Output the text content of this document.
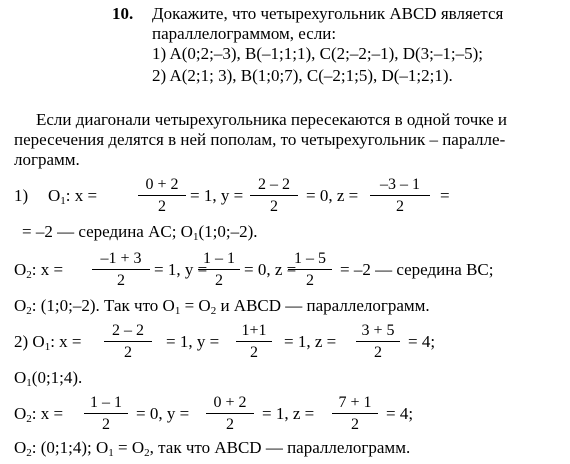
10. Докажите, что четырехугольник ABCD является
параллелограммом, если:
1) A(0;2;–3), B(–1;1;1), C(2;–2;–1), D(3;–1;–5);
2) A(2;1; 3), B(1;0;7), C(–2;1;5), D(–1;2;1).
Если диагонали четырехугольника пересекаются в одной точке и
пересечения делятся в ней пополам, то четырехугольник – паралле-
лограмм.
1) $O_1$: x =
0 + 2
2
= 1, y =
2 – 2
2
= 0, z =
–3 – 1
2
=
= –2 — середина AC; $O_1(1;0;-2)$.
$O_2$: x =
–1 + 3
2
= 1, y =
1 – 1
2
= 0, z =
1 – 5
2
= –2 — середина BC;
$O_2$: (1;0;–2). Так что $O_1 = O_2$ и ABCD — параллелограмм.
2) $O_1$: x =
2 – 2
2
= 1, y =
1+1
2
= 1, z =
3 + 5
2
= 4;
$O_1(0;1;4)$.
$O_2$: x =
1 – 1
2
= 0, y =
0 + 2
2
= 1, z =
7 + 1
2
= 4;
$O_2$: (0;1;4); $O_1 = O_2$, так что ABCD — параллелограмм.
